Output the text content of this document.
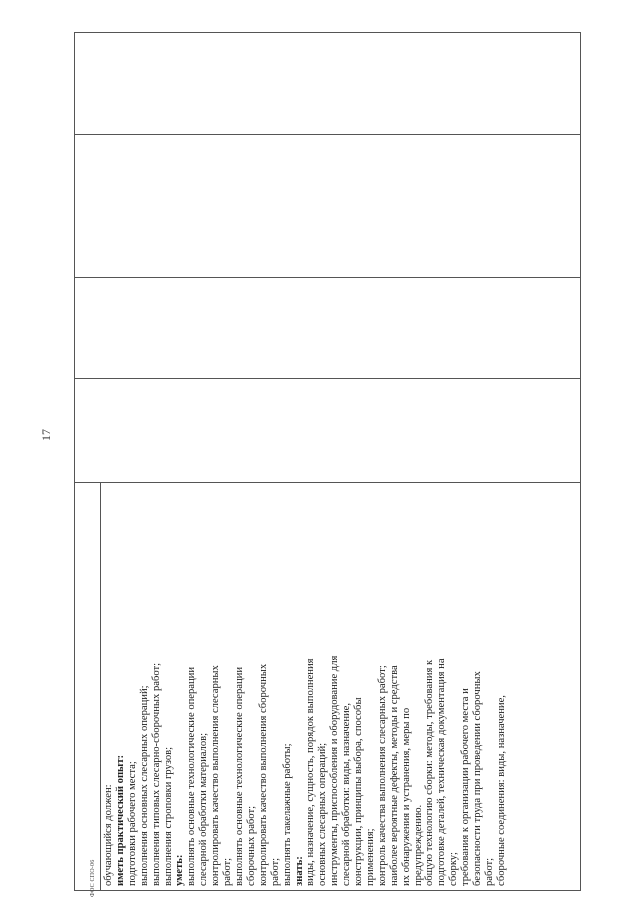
обучающийся должен: иметь практический опыт: подготовки рабочего места; выполнения основных слесарных операций; выполнения типовых слесарно-сборочных работ; выполнения строповки грузов; уметь: выполнять основные технологические операции слесарной обработки материалов; контролировать качество выполнения слесарных работ; выполнять основные технологические операции сборочных работ; контролировать качество выполнения сборочных работ; выполнять такелажные работы; знать: виды, назначение, сущность, порядок выполнения основных слесарных операций; инструменты, приспособления и оборудование для слесарной обработки: виды, назначение, конструкции, принципы выбора, способы применения; контроль качества выполнения слесарных работ; наиболее вероятные дефекты, методы и средства их обнаружения и устранения, меры по предупреждению. общую технологию сборки: методы, требования к подготовке деталей, техническая документация на сборку; требования к организации рабочего места и безопасности труда при проведении сборочных работ; сборочные соединения: виды, назначение,
17
ФОС СПО-06
